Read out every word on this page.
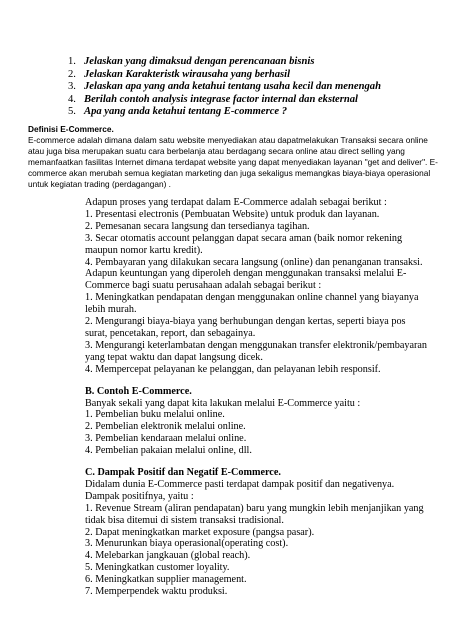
1. Jelaskan yang dimaksud dengan perencanaan bisnis
2. Jelaskan Karakteristk wirausaha yang berhasil
3. Jelaskan apa yang anda ketahui tentang usaha kecil dan menengah
4. Berilah contoh analysis integrase factor internal dan eksternal
5. Apa yang anda ketahui tentang E-commerce ?
Definisi E-Commerce.
E-commerce adalah dimana dalam satu website menyediakan atau dapatmelakukan Transaksi secara online atau juga bisa merupakan suatu cara berbelanja atau berdagang secara online atau direct selling yang memanfaatkan fasilitas Internet dimana terdapat website yang dapat menyediakan layanan "get and deliver". E-commerce akan merubah semua kegiatan marketing dan juga sekaligus memangkas biaya-biaya operasional untuk kegiatan trading (perdagangan) .

Adapun proses yang terdapat dalam E-Commerce adalah sebagai berikut :

1. Presentasi electronis (Pembuatan Website) untuk produk dan layanan.

2. Pemesanan secara langsung dan tersedianya tagihan.

3. Secar otomatis account pelanggan dapat secara aman (baik nomor rekening maupun nomor kartu kredit).

4. Pembayaran yang dilakukan secara langsung (online) dan penanganan transaksi.

Adapun keuntungan yang diperoleh dengan menggunakan transaksi melalui E-Commerce bagi suatu perusahaan adalah sebagai berikut :

1. Meningkatkan pendapatan dengan menggunakan online channel yang biayanya lebih murah.

2. Mengurangi biaya-biaya yang berhubungan dengan kertas, seperti biaya pos surat, pencetakan, report, dan sebagainya.

3. Mengurangi keterlambatan dengan menggunakan transfer elektronik/pembayaran yang tepat waktu dan dapat langsung dicek.

4. Mempercepat pelayanan ke pelanggan, dan pelayanan lebih responsif.

B. Contoh E-Commerce.

Banyak sekali yang dapat kita lakukan melalui E-Commerce yaitu :

1. Pembelian buku melalui online.

2. Pembelian elektronik melalui online.

3. Pembelian kendaraan melalui online.

4. Pembelian pakaian melalui online, dll.

C. Dampak Positif dan Negatif E-Commerce.

Didalam dunia E-Commerce pasti terdapat dampak positif dan negativenya.

Dampak positifnya, yaitu :

1. Revenue Stream (aliran pendapatan) baru yang mungkin lebih menjanjikan yang tidak bisa ditemui di sistem transaksi tradisional.

2. Dapat meningkatkan market exposure (pangsa pasar).

3. Menurunkan biaya operasional(operating cost).

4. Melebarkan jangkauan (global reach).

5. Meningkatkan customer loyality.

6. Meningkatkan supplier management.

7. Memperpendek waktu produksi.
